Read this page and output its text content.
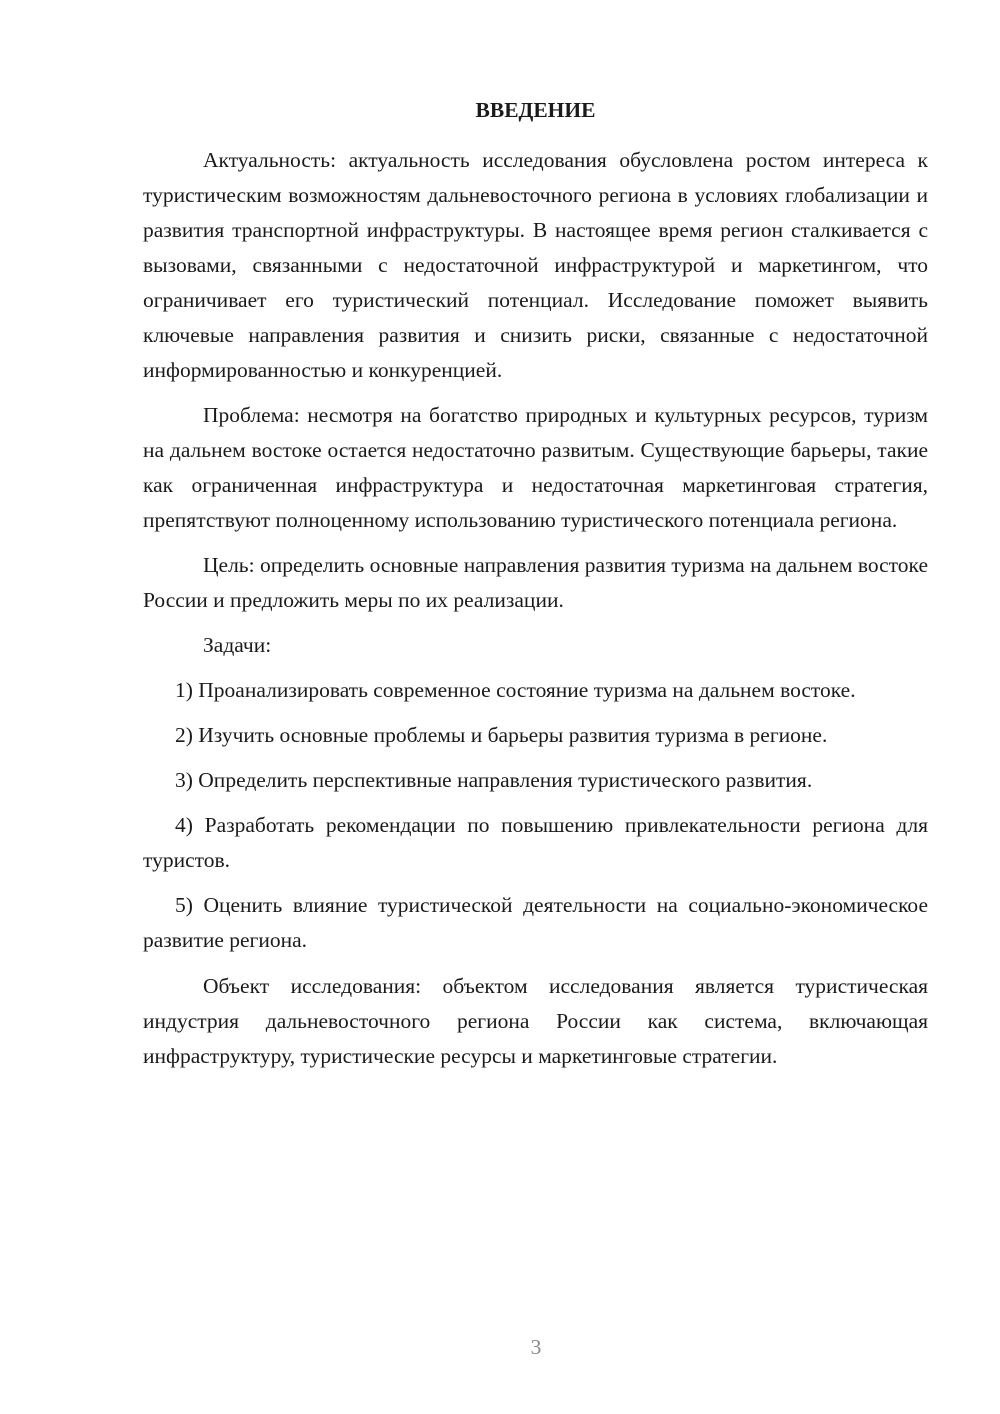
ВВЕДЕНИЕ

Актуальность: актуальность исследования обусловлена ростом интереса к туристическим возможностям дальневосточного региона в условиях глобализации и развития транспортной инфраструктуры. В настоящее время регион сталкивается с вызовами, связанными с недостаточной инфраструктурой и маркетингом, что ограничивает его туристический потенциал. Исследование поможет выявить ключевые направления развития и снизить риски, связанные с недостаточной информированностью и конкуренцией.

Проблема: несмотря на богатство природных и культурных ресурсов, туризм на дальнем востоке остается недостаточно развитым. Существующие барьеры, такие как ограниченная инфраструктура и недостаточная маркетинговая стратегия, препятствуют полноценному использованию туристического потенциала региона.

Цель: определить основные направления развития туризма на дальнем востоке России и предложить меры по их реализации.

Задачи:

1) Проанализировать современное состояние туризма на дальнем востоке.

2) Изучить основные проблемы и барьеры развития туризма в регионе.

3) Определить перспективные направления туристического развития.

4) Разработать рекомендации по повышению привлекательности региона для туристов.

5) Оценить влияние туристической деятельности на социально-экономическое развитие региона.

Объект исследования: объектом исследования является туристическая индустрия дальневосточного региона России как система, включающая инфраструктуру, туристические ресурсы и маркетинговые стратегии.

3
